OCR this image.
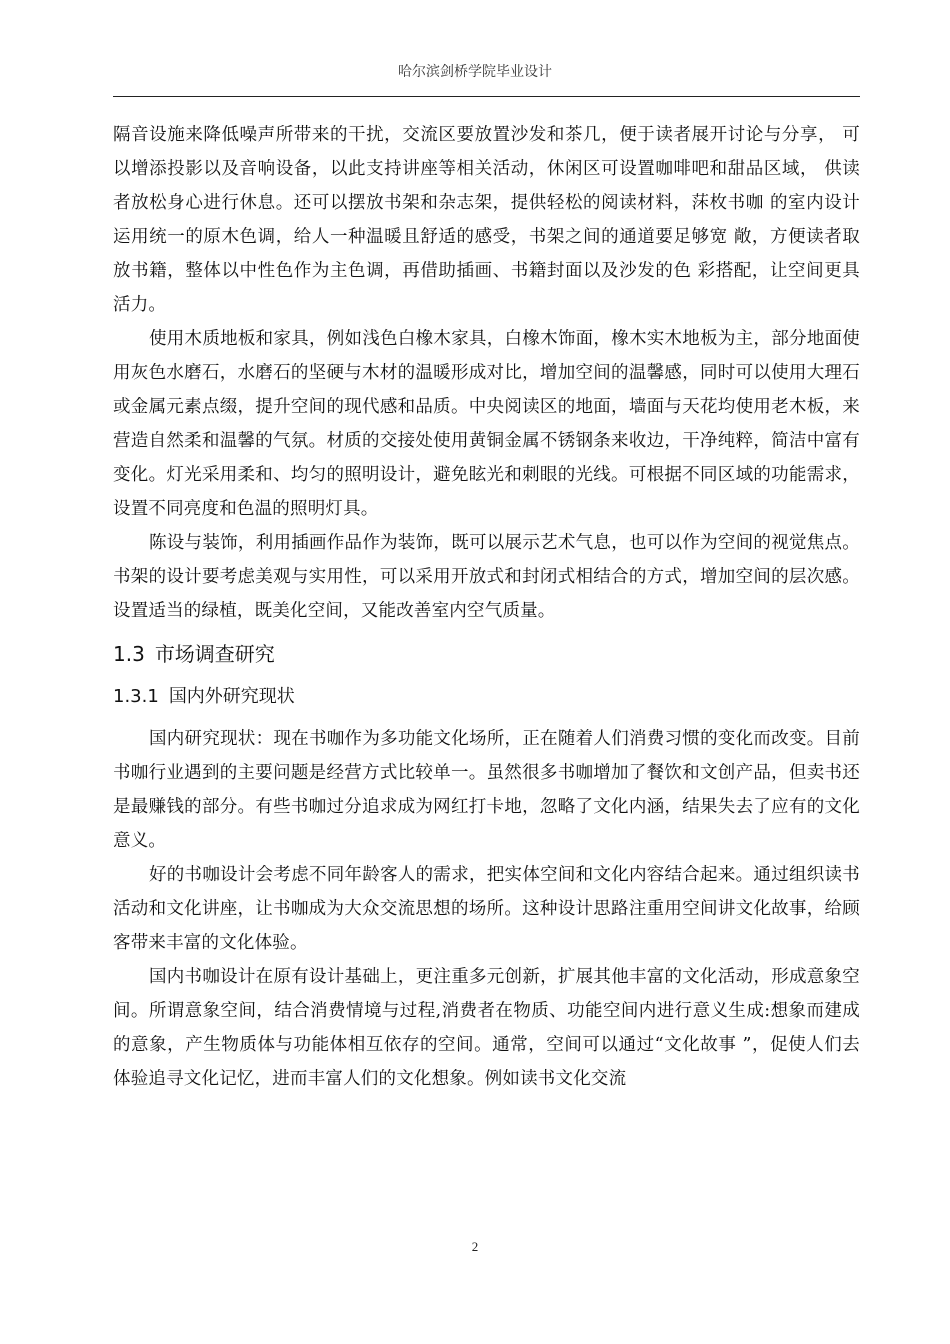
哈尔滨剑桥学院毕业设计

隔音设施来降低噪声所带来的干扰，交流区要放置沙发和茶几，便于读者展开讨论与分享， 可以增添投影以及音响设备，以此支持讲座等相关活动，休闲区可设置咖啡吧和甜品区域， 供读者放松身心进行休息。还可以摆放书架和杂志架，提供轻松的阅读材料，莯枚书咖 的室内设计运用统一的原木色调，给人一种温暖且舒适的感受，书架之间的通道要足够宽 敞，方便读者取放书籍，整体以中性色作为主色调，再借助插画、书籍封面以及沙发的色 彩搭配，让空间更具活力。

使用木质地板和家具，例如浅色白橡木家具，白橡木饰面，橡木实木地板为主，部分地面使用灰色水磨石，水磨石的坚硬与木材的温暖形成对比，增加空间的温馨感，同时可以使用大理石或金属元素点缀，提升空间的现代感和品质。中央阅读区的地面，墙面与天花均使用老木板，来营造自然柔和温馨的气氛。材质的交接处使用黄铜金属不锈钢条来收边，干净纯粹，简洁中富有变化。灯光采用柔和、均匀的照明设计，避免眩光和刺眼的光线。可根据不同区域的功能需求，设置不同亮度和色温的照明灯具。

陈设与装饰，利用插画作品作为装饰，既可以展示艺术气息，也可以作为空间的视觉焦点。书架的设计要考虑美观与实用性，可以采用开放式和封闭式相结合的方式，增加空间的层次感。设置适当的绿植，既美化空间，又能改善室内空气质量。

1.3 市场调查研究
1.3.1 国内外研究现状

国内研究现状：现在书咖作为多功能文化场所，正在随着人们消费习惯的变化而改变。目前书咖行业遇到的主要问题是经营方式比较单一。虽然很多书咖增加了餐饮和文创产品，但卖书还是最赚钱的部分。有些书咖过分追求成为网红打卡地，忽略了文化内涵，结果失去了应有的文化意义。

好的书咖设计会考虑不同年龄客人的需求，把实体空间和文化内容结合起来。通过组织读书活动和文化讲座，让书咖成为大众交流思想的场所。这种设计思路注重用空间讲文化故事，给顾客带来丰富的文化体验。

国内书咖设计在原有设计基础上，更注重多元创新，扩展其他丰富的文化活动，形成意象空间。所谓意象空间，结合消费情境与过程,消费者在物质、功能空间内进行意义生成:想象而建成的意象，产生物质体与功能体相互依存的空间。通常，空间可以通过“文化故事 ”，促使人们去体验追寻文化记忆，进而丰富人们的文化想象。例如读书文化交流

2
